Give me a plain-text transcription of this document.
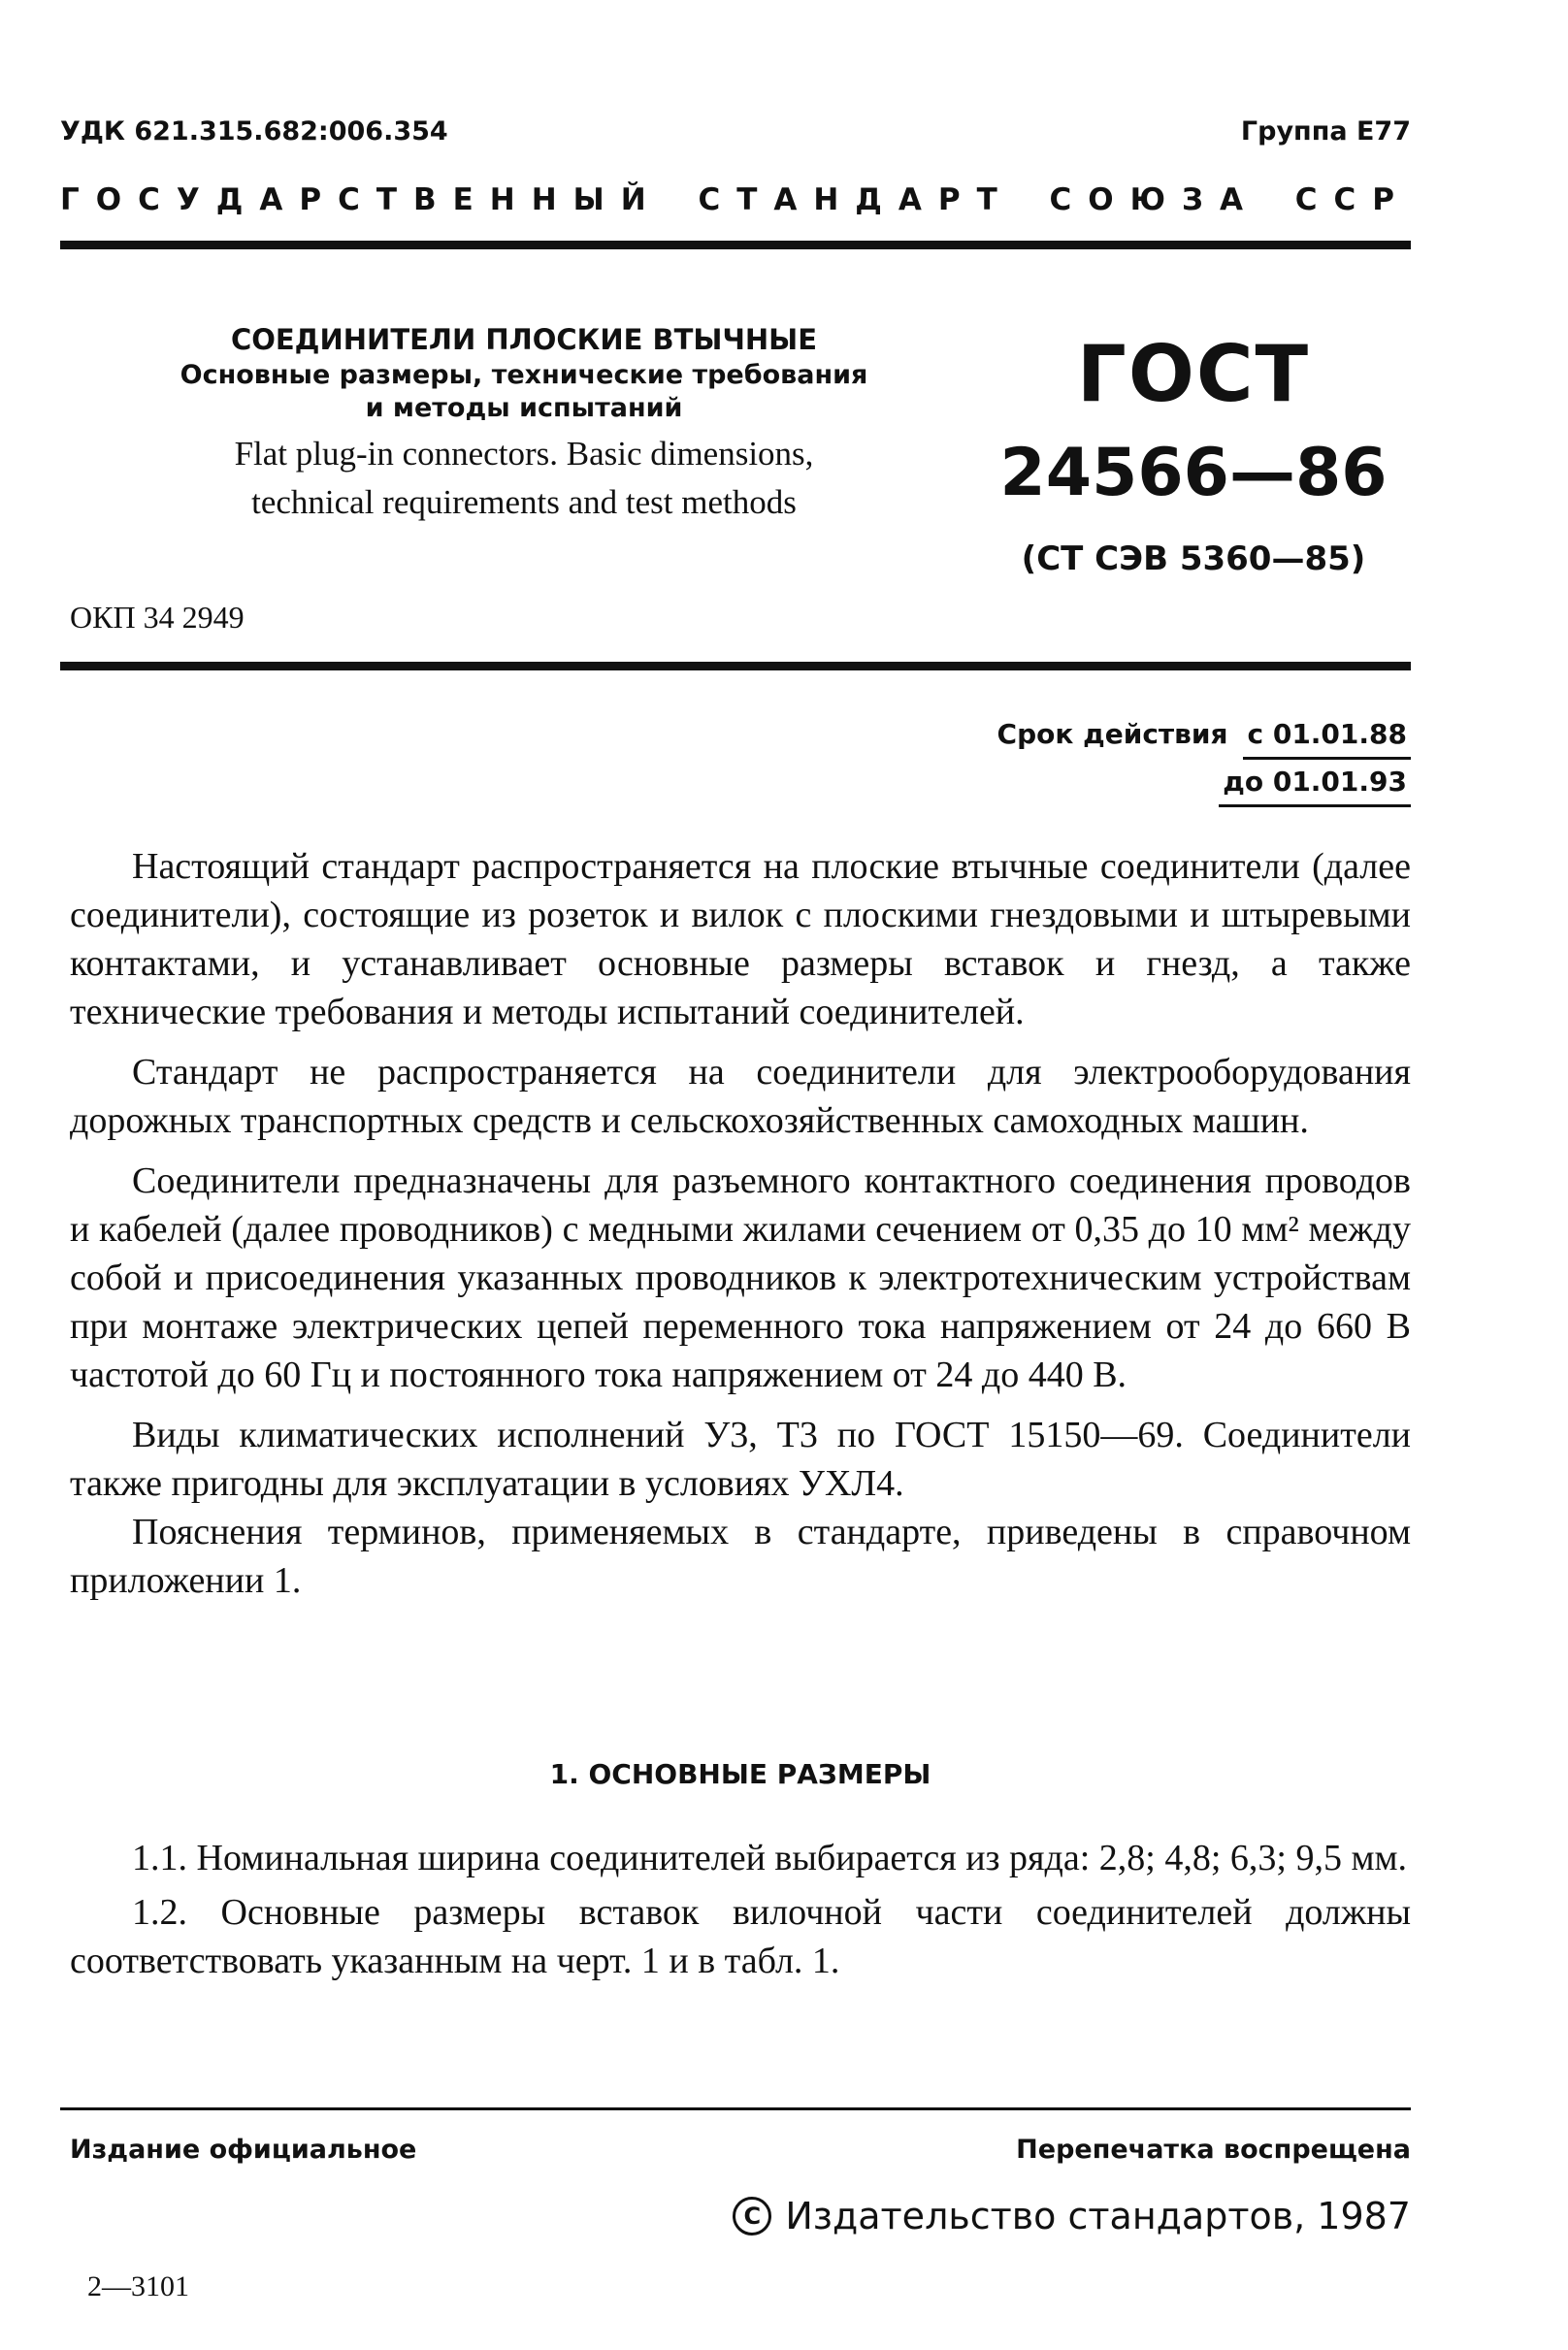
УДК 621.315.682:006.354	Группа Е77
ГОСУДАРСТВЕННЫЙ СТАНДАРТ СОЮЗА ССР
СОЕДИНИТЕЛИ ПЛОСКИЕ ВТЫЧНЫЕ
Основные размеры, технические требования
и методы испытаний
Flat plug-in connectors. Basic dimensions,
technical requirements and test methods
ГОСТ
24566—86
(СТ СЭВ 5360—85)
ОКП 34 2949
Срок действия с 01.01.88
до 01.01.93

Настоящий стандарт распространяется на плоские втычные соединители (далее соединители), состоящие из розеток и вилок с плоскими гнездовыми и штыревыми контактами, и устанавливает основные размеры вставок и гнезд, а также технические требования и методы испытаний соединителей.

Стандарт не распространяется на соединители для электрооборудования дорожных транспортных средств и сельскохозяйственных самоходных машин.

Соединители предназначены для разъемного контактного соединения проводов и кабелей (далее проводников) с медными жилами сечением от 0,35 до 10 мм² между собой и присоединения указанных проводников к электротехническим устройствам при монтаже электрических цепей переменного тока напряжением от 24 до 660 В частотой до 60 Гц и постоянного тока напряжением от 24 до 440 В.

Виды климатических исполнений У3, Т3 по ГОСТ 15150—69. Соединители также пригодны для эксплуатации в условиях УХЛ4.

Пояснения терминов, применяемых в стандарте, приведены в справочном приложении 1.

1. ОСНОВНЫЕ РАЗМЕРЫ

1.1. Номинальная ширина соединителей выбирается из ряда: 2,8; 4,8; 6,3; 9,5 мм.

1.2. Основные размеры вставок вилочной части соединителей должны соответствовать указанным на черт. 1 и в табл. 1.

Издание официальное	Перепечатка воспрещена
С Издательство стандартов, 1987
2—3101
